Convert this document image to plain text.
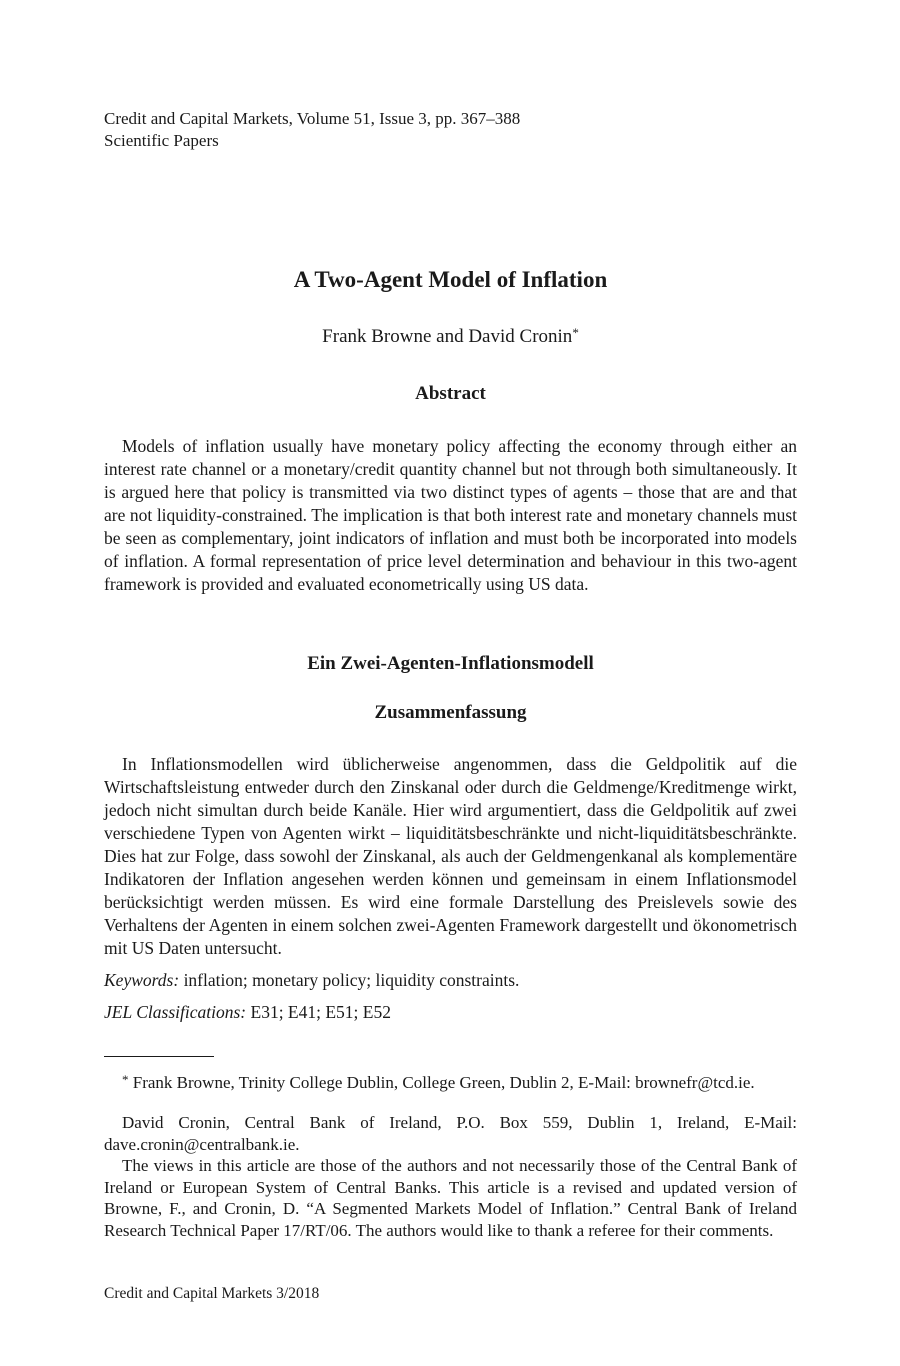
Credit and Capital Markets, Volume 51, Issue 3, pp. 367–388
Scientific Papers
A Two-Agent Model of Inflation
Frank Browne and David Cronin*
Abstract

Models of inflation usually have monetary policy affecting the economy through either an interest rate channel or a monetary/credit quantity channel but not through both simultaneously. It is argued here that policy is transmitted via two distinct types of agents – those that are and that are not liquidity-constrained. The implication is that both interest rate and monetary channels must be seen as complementary, joint indicators of inflation and must both be incorporated into models of inflation. A formal representation of price level determination and behaviour in this two-agent framework is provided and evaluated econometrically using US data.

Ein Zwei-Agenten-Inflationsmodell
Zusammenfassung

In Inflationsmodellen wird üblicherweise angenommen, dass die Geldpolitik auf die Wirtschaftsleistung entweder durch den Zinskanal oder durch die Geldmenge/Kreditmenge wirkt, jedoch nicht simultan durch beide Kanäle. Hier wird argumentiert, dass die Geldpolitik auf zwei verschiedene Typen von Agenten wirkt – liquiditätsbeschränkte und nicht-liquiditätsbeschränkte. Dies hat zur Folge, dass sowohl der Zinskanal, als auch der Geldmengenkanal als komplementäre Indikatoren der Inflation angesehen werden können und gemeinsam in einem Inflationsmodel berücksichtigt werden müssen. Es wird eine formale Darstellung des Preislevels sowie des Verhaltens der Agenten in einem solchen zwei-Agenten Framework dargestellt und ökonometrisch mit US Daten untersucht.

Keywords: inflation; monetary policy; liquidity constraints.
JEL Classifications: E31; E41; E51; E52

* Frank Browne, Trinity College Dublin, College Green, Dublin 2, E-Mail: brownefr@tcd.ie.

David Cronin, Central Bank of Ireland, P.O. Box 559, Dublin 1, Ireland, E-Mail: dave.cronin@centralbank.ie.

The views in this article are those of the authors and not necessarily those of the Central Bank of Ireland or European System of Central Banks. This article is a revised and updated version of Browne, F., and Cronin, D. “A Segmented Markets Model of Inflation.” Central Bank of Ireland Research Technical Paper 17/RT/06. The authors would like to thank a referee for their comments.

Credit and Capital Markets 3/2018
